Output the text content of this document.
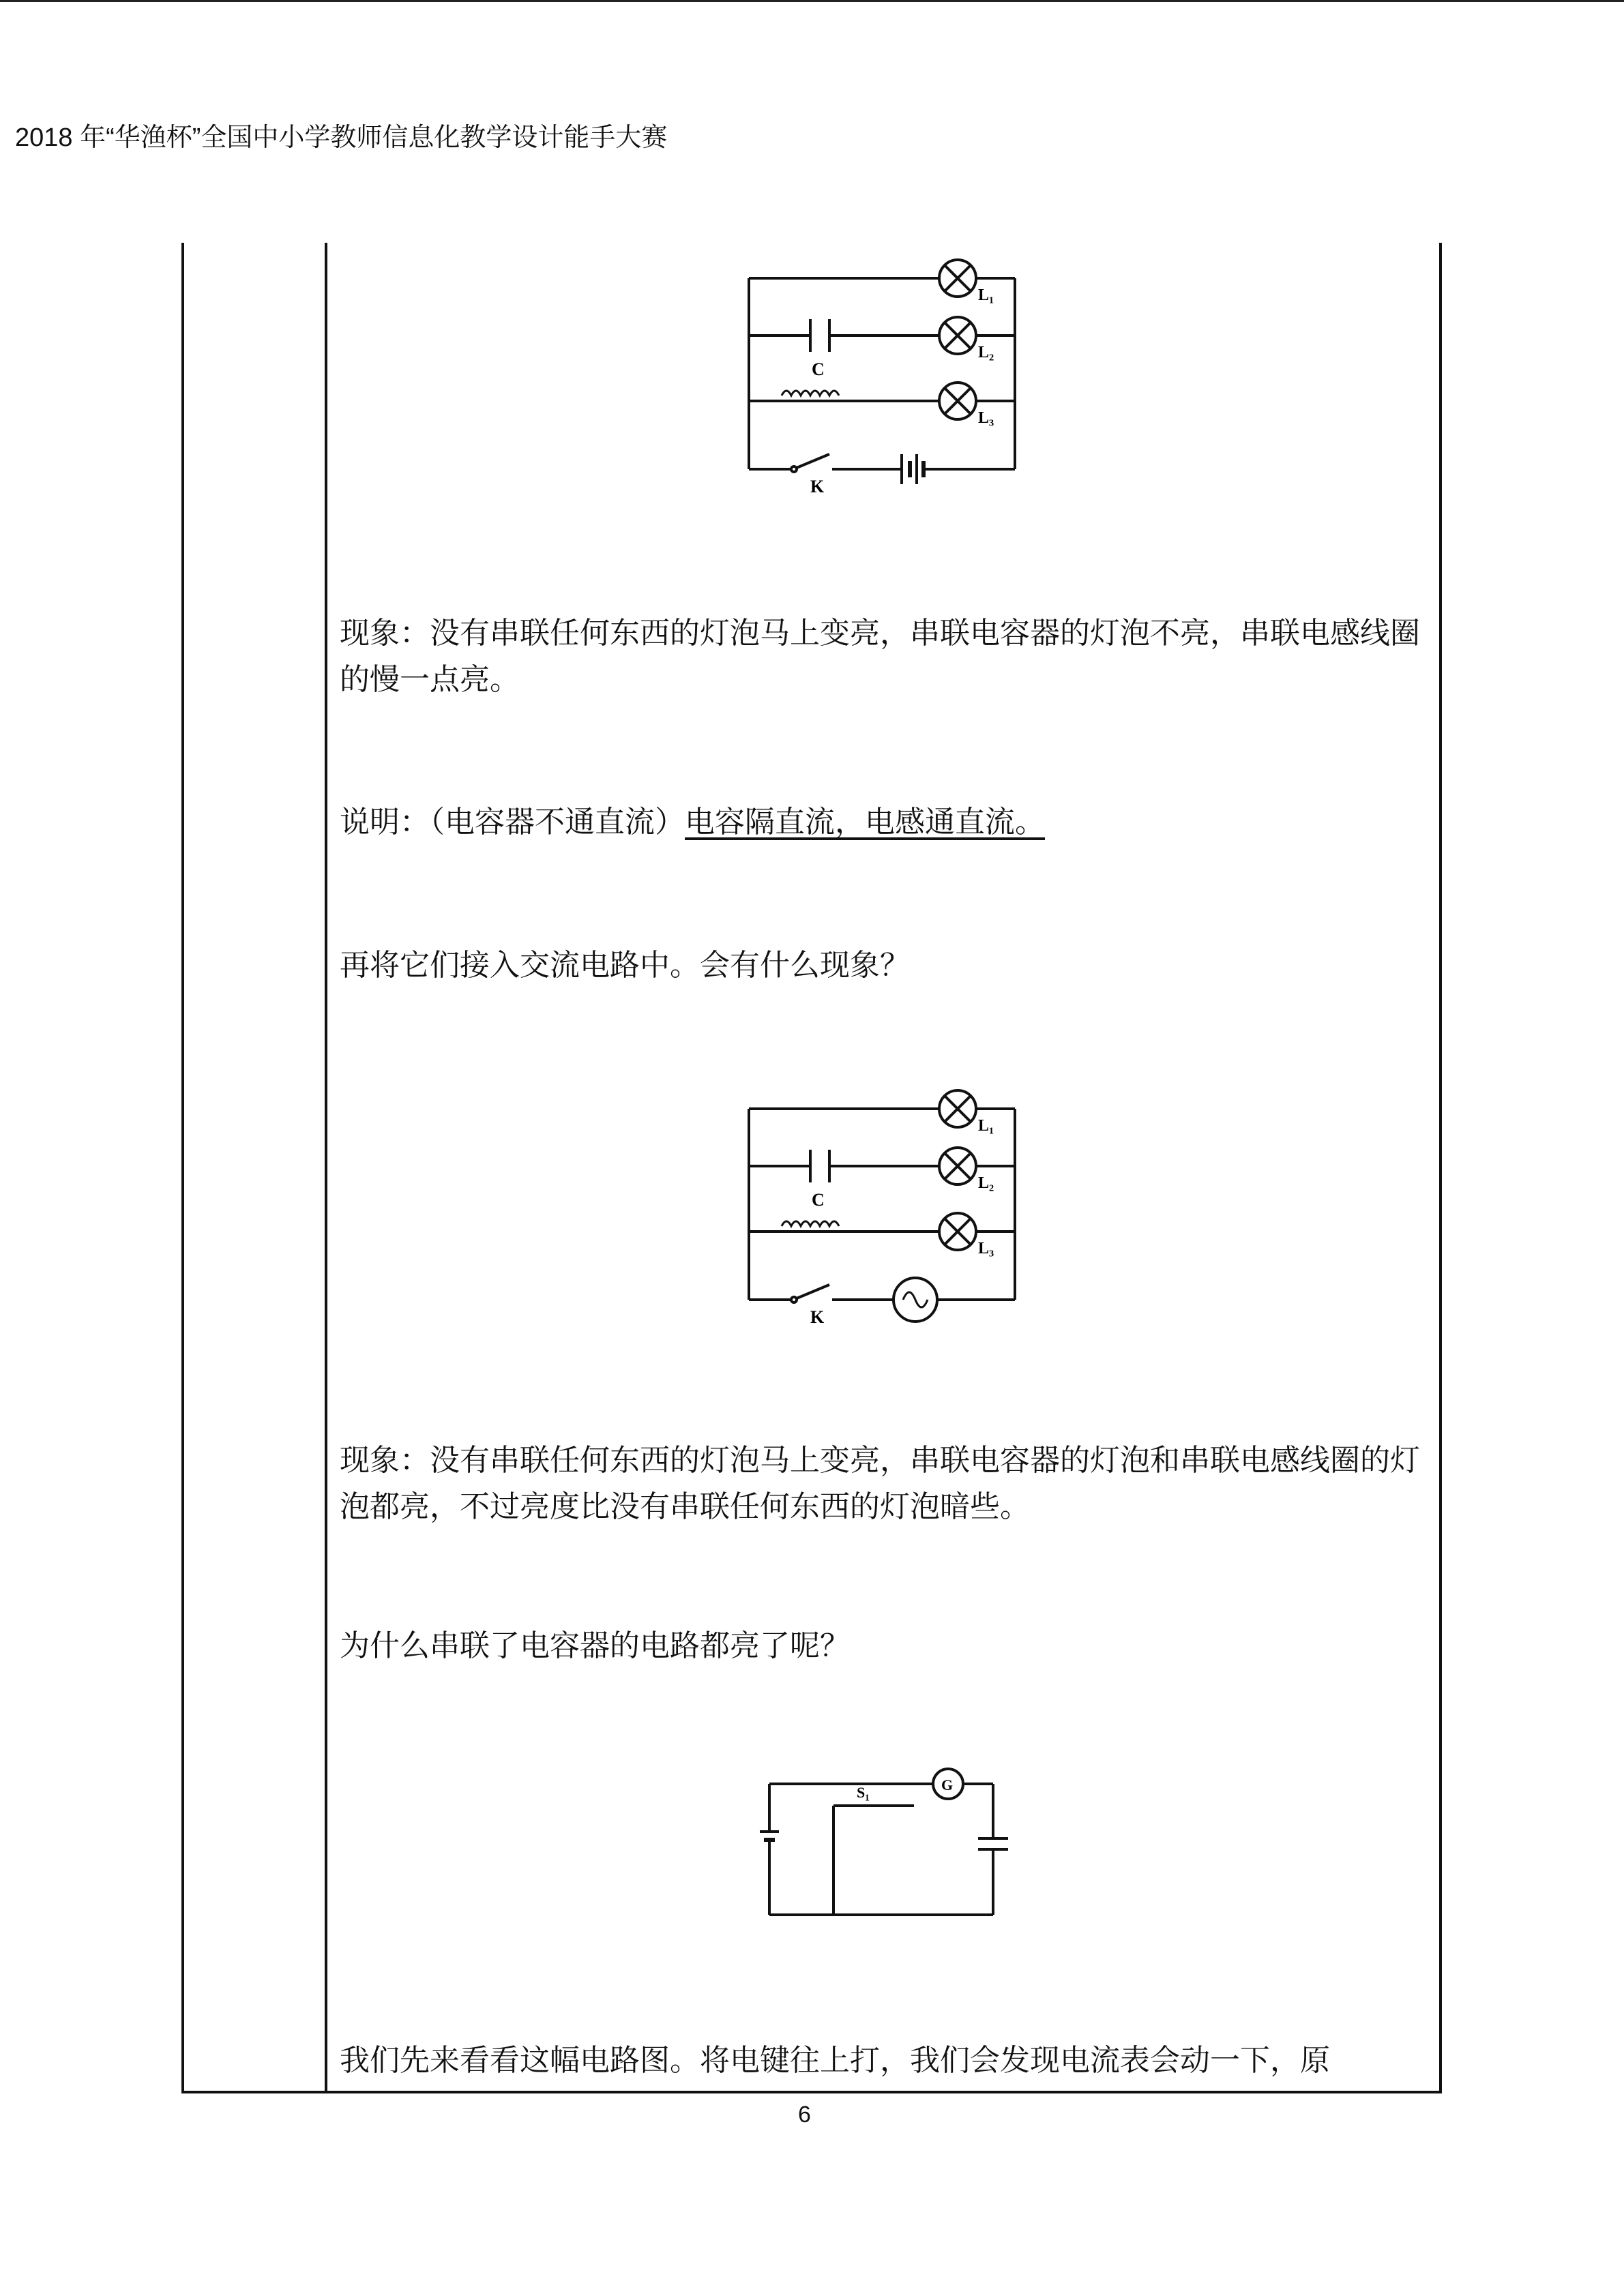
2018 年“华渔杯”全国中小学教师信息化教学设计能手大赛
L₁
L₂
L₃
C
K
现象：没有串联任何东西的灯泡马上变亮，串联电容器的灯泡不亮，串联电感线圈的慢一点亮。
说明：（电容器不通直流）电容隔直流，电感通直流。
再将它们接入交流电路中。会有什么现象？
L₁
L₂
L₃
C
K
现象：没有串联任何东西的灯泡马上变亮，串联电容器的灯泡和串联电感线圈的灯泡都亮，不过亮度比没有串联任何东西的灯泡暗些。
为什么串联了电容器的电路都亮了呢？
S₁	G
我们先来看看这幅电路图。将电键往上打，我们会发现电流表会动一下，原
6
